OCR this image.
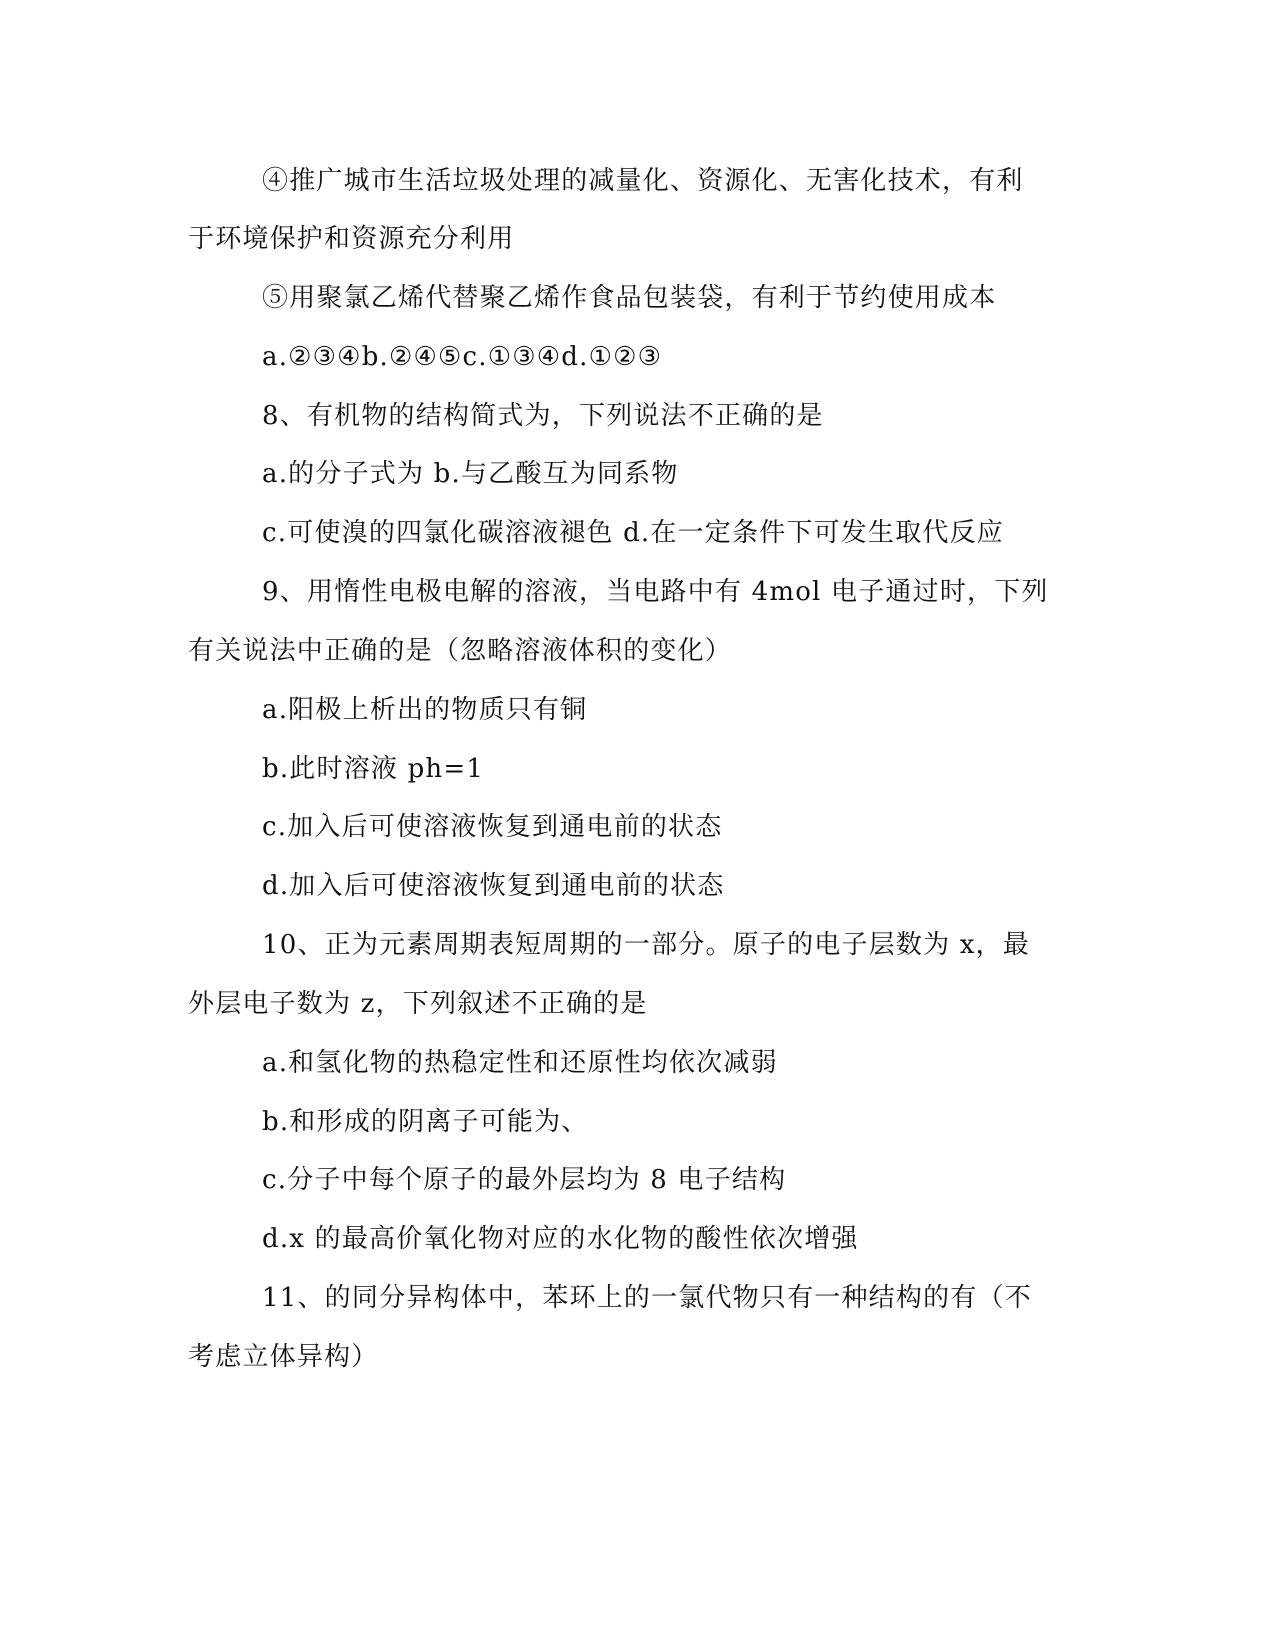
④推广城市生活垃圾处理的减量化、资源化、无害化技术，有利
于环境保护和资源充分利用
⑤用聚氯乙烯代替聚乙烯作食品包装袋，有利于节约使用成本
a.②③④b.②④⑤c.①③④d.①②③
8、有机物的结构简式为，下列说法不正确的是
a.的分子式为 b.与乙酸互为同系物
c.可使溴的四氯化碳溶液褪色 d.在一定条件下可发生取代反应
9、用惰性电极电解的溶液，当电路中有 4mol 电子通过时，下列
有关说法中正确的是（忽略溶液体积的变化）
a.阳极上析出的物质只有铜
b.此时溶液 ph=1
c.加入后可使溶液恢复到通电前的状态
d.加入后可使溶液恢复到通电前的状态
10、正为元素周期表短周期的一部分。原子的电子层数为 x，最
外层电子数为 z，下列叙述不正确的是
a.和氢化物的热稳定性和还原性均依次减弱
b.和形成的阴离子可能为、
c.分子中每个原子的最外层均为 8 电子结构
d.x 的最高价氧化物对应的水化物的酸性依次增强
11、的同分异构体中，苯环上的一氯代物只有一种结构的有（不
考虑立体异构）
